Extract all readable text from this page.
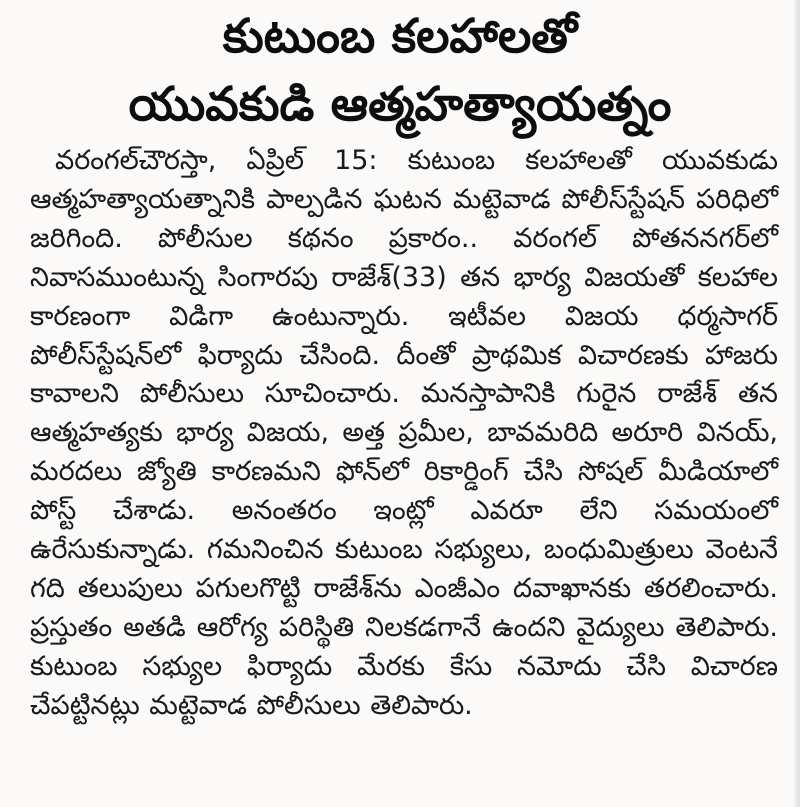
కుటుంబ కలహాలతో
యువకుడి ఆత్మహత్యాయత్నం
వరంగల్‌చౌరస్తా, ఏప్రిల్ 15: కుటుంబ కలహాలతో యువకుడు ఆత్మహత్యాయత్నానికి పాల్పడిన ఘటన మట్టెవాడ పోలీస్‌స్టేషన్ పరిధిలో జరిగింది. పోలీసుల కథనం ప్రకారం.. వరంగల్ పోతననగర్‌లో నివాసముంటున్న సింగారపు రాజేశ్(33) తన భార్య విజయతో కలహాల కారణంగా విడిగా ఉంటున్నారు. ఇటీవల విజయ ధర్మసాగర్ పోలీస్‌స్టేషన్‌లో ఫిర్యాదు చేసింది. దీంతో ప్రాథమిక విచారణకు హాజరు కావాలని పోలీసులు సూచించారు. మనస్తాపానికి గురైన రాజేశ్ తన ఆత్మహత్యకు భార్య విజయ, అత్త ప్రమీల, బావమరిది అరూరి వినయ్, మరదలు జ్యోతి కారణమని ఫోన్‌లో రికార్డింగ్ చేసి సోషల్ మీడియాలో పోస్ట్ చేశాడు. అనంతరం ఇంట్లో ఎవరూ లేని సమయంలో ఉరేసుకున్నాడు. గమనించిన కుటుంబ సభ్యులు, బంధుమిత్రులు వెంటనే గది తలుపులు పగులగొట్టి రాజేశ్‌ను ఎంజీఎం దవాఖానకు తరలించారు. ప్రస్తుతం అతడి ఆరోగ్య పరిస్థితి నిలకడగానే ఉందని వైద్యులు తెలిపారు. కుటుంబ సభ్యుల ఫిర్యాదు మేరకు కేసు నమోదు చేసి విచారణ చేపట్టినట్లు మట్టెవాడ పోలీసులు తెలిపారు.
